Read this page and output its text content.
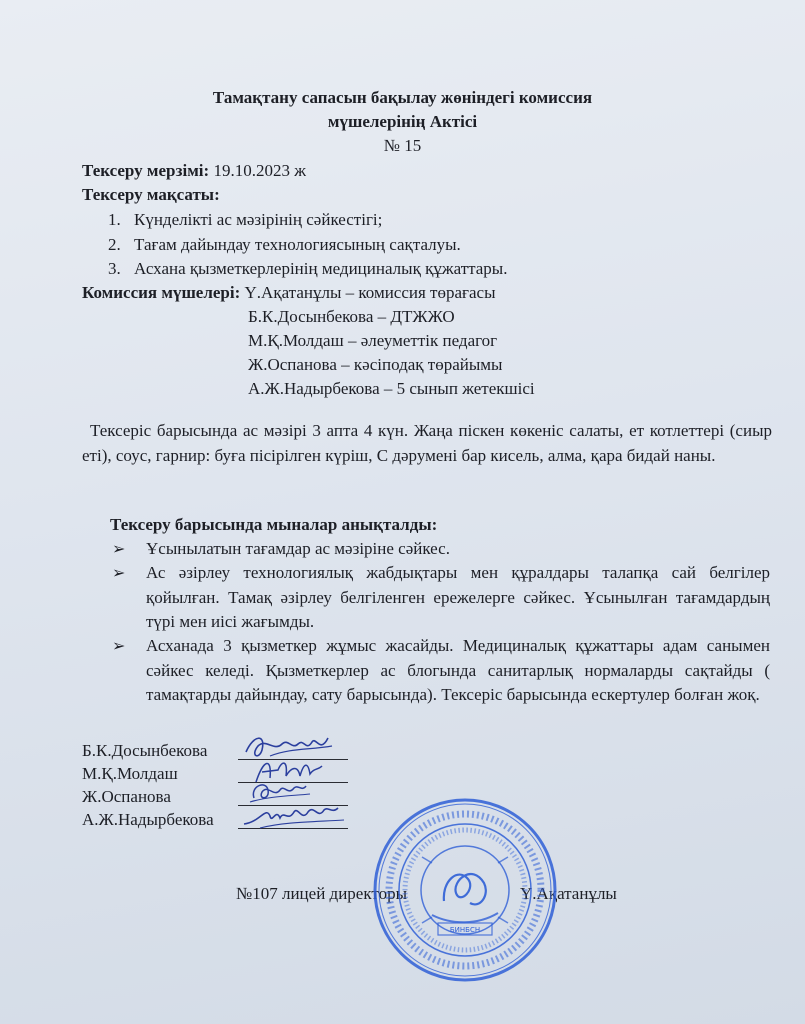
Тамақтану сапасын бақылау жөніндегі комиссия
мүшелерінің Актісі
№ 15
Тексеру мерзімі: 19.10.2023 ж
Тексеру мақсаты:
1. Күнделікті ас мәзірінің сәйкестігі;
2. Тағам дайындау технологиясының сақталуы.
3. Асхана қызметкерлерінің медициналық құжаттары.
Комиссия мүшелері: Ү.Ақатанұлы – комиссия төрағасы
Б.К.Досынбекова – ДТЖЖО
М.Қ.Молдаш – әлеуметтік педагог
Ж.Оспанова – кәсіподақ төрайымы
А.Ж.Надырбекова – 5 сынып жетекшісі
Тексеріс барысында ас мәзірі 3 апта 4 күн. Жаңа піскен көкеніс салаты, ет котлеттері (сиыр еті), соус, гарнир: буға пісірілген күріш, С дәрумені бар кисель, алма, қара бидай наны.
Тексеру барысында мыналар анықталды:
➢ Ұсынылатын тағамдар ас мәзіріне сәйкес.
➢ Ас әзірлеу технологиялық жабдықтары мен құралдары талапқа сай белгілер қойылған. Тамақ әзірлеу белгіленген ережелерге сәйкес. Ұсынылған тағамдардың түрі мен иісі жағымды.
➢ Асханада 3 қызметкер жұмыс жасайды. Медициналық құжаттары адам санымен сәйкес келеді. Қызметкерлер ас блогында санитарлық нормаларды сақтайды ( тамақтарды дайындау, сату барысында). Тексеріс барысында ескертулер болған жоқ.
Б.К.Досынбекова
М.Қ.Молдаш
Ж.Оспанова
А.Ж.Надырбекова
№107 лицей директоры	Ү.Ақатанұлы
БИНБСН
